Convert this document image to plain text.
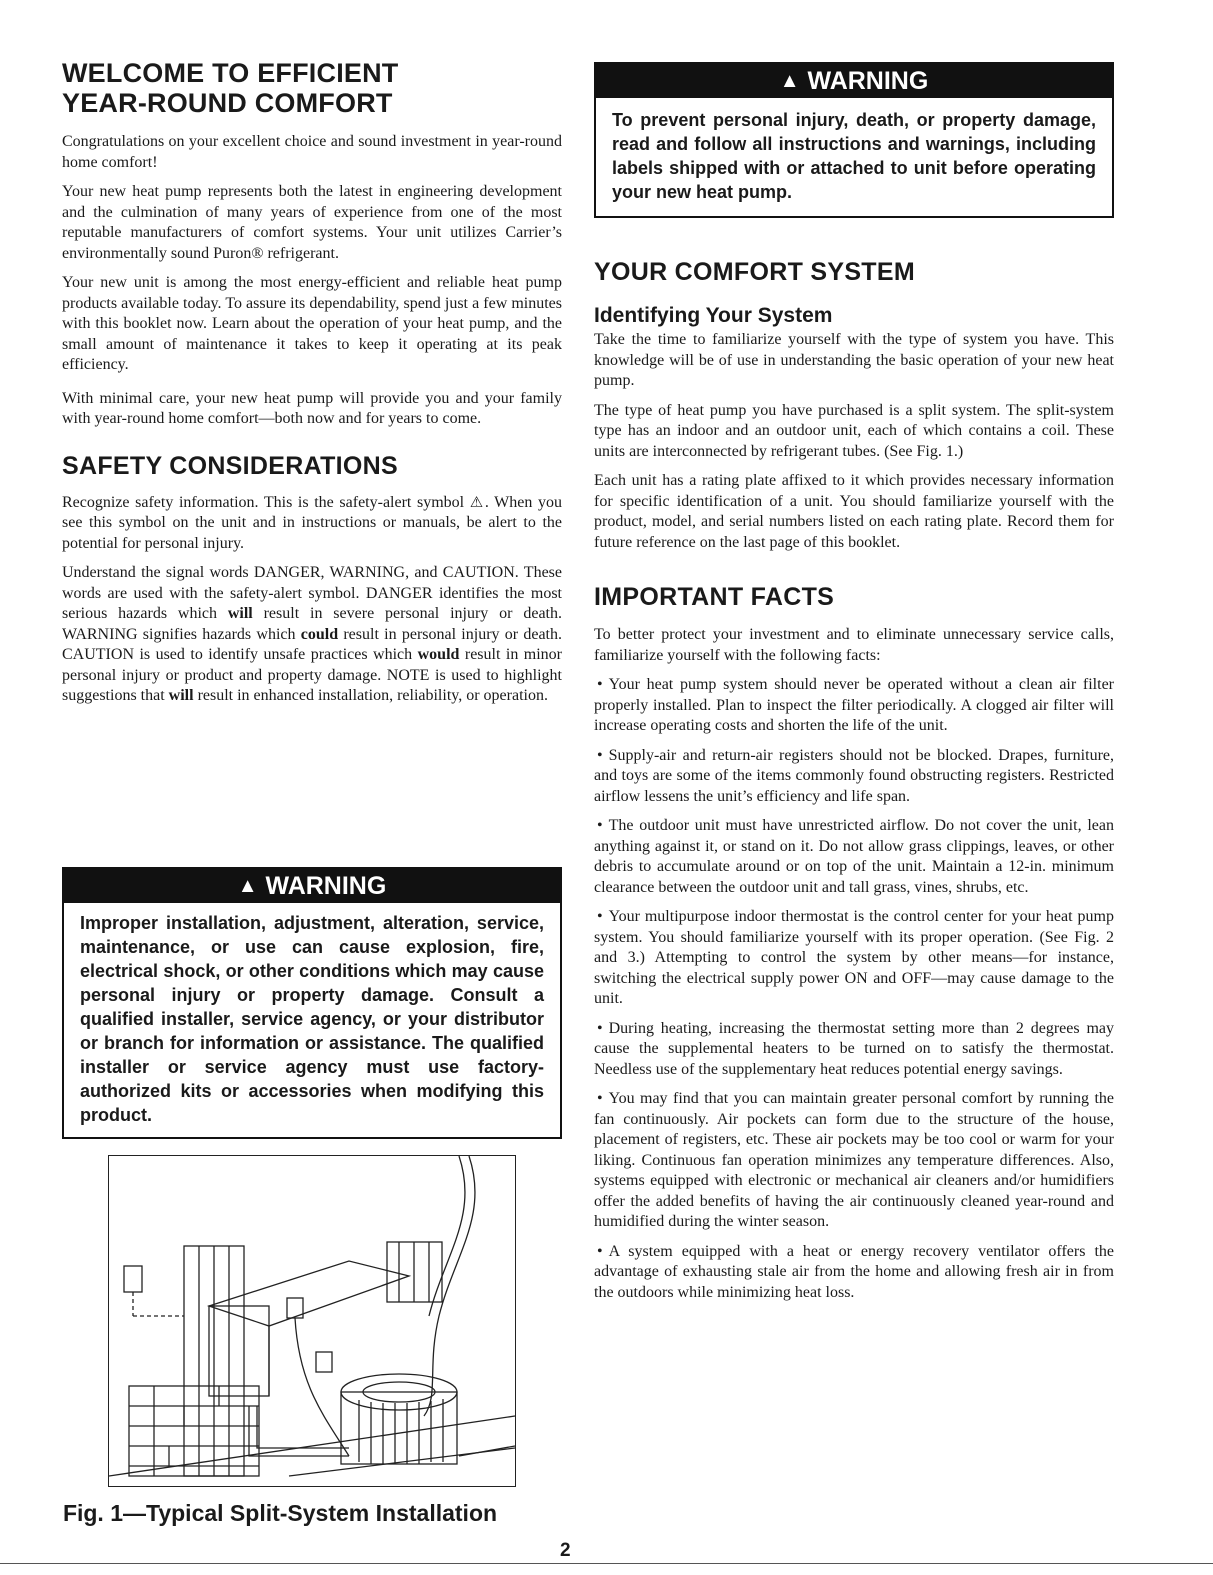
WELCOME TO EFFICIENT
YEAR-ROUND COMFORT

Congratulations on your excellent choice and sound investment in year-round home comfort!

Your new heat pump represents both the latest in engineering development and the culmination of many years of experience from one of the most reputable manufacturers of comfort systems. Your unit utilizes Carrier’s environmentally sound Puron® refrigerant.

Your new unit is among the most energy-efficient and reliable heat pump products available today. To assure its dependability, spend just a few minutes with this booklet now. Learn about the operation of your heat pump, and the small amount of maintenance it takes to keep it operating at its peak efficiency.

With minimal care, your new heat pump will provide you and your family with year-round home comfort—both now and for years to come.

SAFETY CONSIDERATIONS

Recognize safety information. This is the safety-alert symbol ⚠. When you see this symbol on the unit and in instructions or manuals, be alert to the potential for personal injury.

Understand the signal words DANGER, WARNING, and CAUTION. These words are used with the safety-alert symbol. DANGER identifies the most serious hazards which will result in severe personal injury or death. WARNING signifies hazards which could result in personal injury or death. CAUTION is used to identify unsafe practices which would result in minor personal injury or product and property damage. NOTE is used to highlight suggestions that will result in enhanced installation, reliability, or operation.

▲ WARNING
Improper installation, adjustment, alteration, service, maintenance, or use can cause explosion, fire, electrical shock, or other conditions which may cause personal injury or property damage. Consult a qualified installer, service agency, or your distributor or branch for information or assistance. The qualified installer or service agency must use factory-authorized kits or accessories when modifying this product.
Fig. 1—Typical Split-System Installation
▲ WARNING
To prevent personal injury, death, or property damage, read and follow all instructions and warnings, including labels shipped with or attached to unit before operating your new heat pump.
YOUR COMFORT SYSTEM
Identifying Your System

Take the time to familiarize yourself with the type of system you have. This knowledge will be of use in understanding the basic operation of your new heat pump.

The type of heat pump you have purchased is a split system. The split-system type has an indoor and an outdoor unit, each of which contains a coil. These units are interconnected by refrigerant tubes. (See Fig. 1.)

Each unit has a rating plate affixed to it which provides necessary information for specific identification of a unit. You should familiarize yourself with the product, model, and serial numbers listed on each rating plate. Record them for future reference on the last page of this booklet.

IMPORTANT FACTS

To better protect your investment and to eliminate unnecessary service calls, familiarize yourself with the following facts:

• Your heat pump system should never be operated without a clean air filter properly installed. Plan to inspect the filter periodically. A clogged air filter will increase operating costs and shorten the life of the unit.
• Supply-air and return-air registers should not be blocked. Drapes, furniture, and toys are some of the items commonly found obstructing registers. Restricted airflow lessens the unit’s efficiency and life span.
• The outdoor unit must have unrestricted airflow. Do not cover the unit, lean anything against it, or stand on it. Do not allow grass clippings, leaves, or other debris to accumulate around or on top of the unit. Maintain a 12-in. minimum clearance between the outdoor unit and tall grass, vines, shrubs, etc.
• Your multipurpose indoor thermostat is the control center for your heat pump system. You should familiarize yourself with its proper operation. (See Fig. 2 and 3.) Attempting to control the system by other means—for instance, switching the electrical supply power ON and OFF—may cause damage to the unit.
• During heating, increasing the thermostat setting more than 2 degrees may cause the supplemental heaters to be turned on to satisfy the thermostat. Needless use of the supplementary heat reduces potential energy savings.
• You may find that you can maintain greater personal comfort by running the fan continuously. Air pockets can form due to the structure of the house, placement of registers, etc. These air pockets may be too cool or warm for your liking. Continuous fan operation minimizes any temperature differences. Also, systems equipped with electronic or mechanical air cleaners and/or humidifiers offer the added benefits of having the air continuously cleaned year-round and humidified during the winter season.
• A system equipped with a heat or energy recovery ventilator offers the advantage of exhausting stale air from the home and allowing fresh air in from the outdoors while minimizing heat loss.
2
